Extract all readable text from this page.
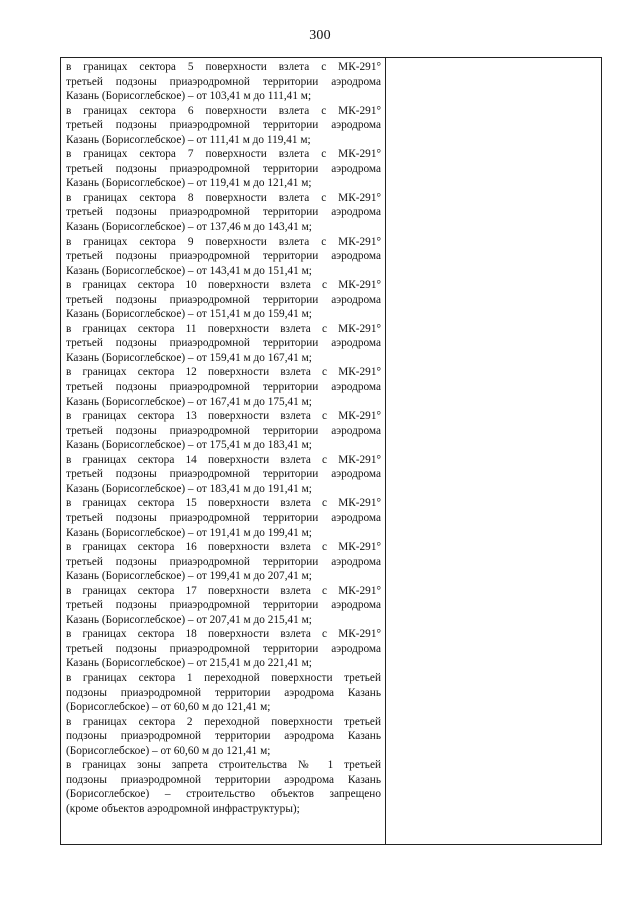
300

в границах сектора 5 поверхности взлета с МК-291°
третьей подзоны приаэродромной территории аэродрома
Казань (Борисоглебское) – от 103,41 м до 111,41 м;

в границах сектора 6 поверхности взлета с МК-291°
третьей подзоны приаэродромной территории аэродрома
Казань (Борисоглебское) – от 111,41 м до 119,41 м;

в границах сектора 7 поверхности взлета с МК-291°
третьей подзоны приаэродромной территории аэродрома
Казань (Борисоглебское) – от 119,41 м до 121,41 м;

в границах сектора 8 поверхности взлета с МК-291°
третьей подзоны приаэродромной территории аэродрома
Казань (Борисоглебское) – от 137,46 м до 143,41 м;

в границах сектора 9 поверхности взлета с МК-291°
третьей подзоны приаэродромной территории аэродрома
Казань (Борисоглебское) – от 143,41 м до 151,41 м;

в границах сектора 10 поверхности взлета с МК-291°
третьей подзоны приаэродромной территории аэродрома
Казань (Борисоглебское) – от 151,41 м до 159,41 м;

в границах сектора 11 поверхности взлета с МК-291°
третьей подзоны приаэродромной территории аэродрома
Казань (Борисоглебское) – от 159,41 м до 167,41 м;

в границах сектора 12 поверхности взлета с МК-291°
третьей подзоны приаэродромной территории аэродрома
Казань (Борисоглебское) – от 167,41 м до 175,41 м;

в границах сектора 13 поверхности взлета с МК-291°
третьей подзоны приаэродромной территории аэродрома
Казань (Борисоглебское) – от 175,41 м до 183,41 м;

в границах сектора 14 поверхности взлета с МК-291°
третьей подзоны приаэродромной территории аэродрома
Казань (Борисоглебское) – от 183,41 м до 191,41 м;

в границах сектора 15 поверхности взлета с МК-291°
третьей подзоны приаэродромной территории аэродрома
Казань (Борисоглебское) – от 191,41 м до 199,41 м;

в границах сектора 16 поверхности взлета с МК-291°
третьей подзоны приаэродромной территории аэродрома
Казань (Борисоглебское) – от 199,41 м до 207,41 м;

в границах сектора 17 поверхности взлета с МК-291°
третьей подзоны приаэродромной территории аэродрома
Казань (Борисоглебское) – от 207,41 м до 215,41 м;

в границах сектора 18 поверхности взлета с МК-291°
третьей подзоны приаэродромной территории аэродрома
Казань (Борисоглебское) – от 215,41 м до 221,41 м;

в границах сектора 1 переходной поверхности третьей
подзоны приаэродромной территории аэродрома Казань
(Борисоглебское) – от 60,60 м до 121,41 м;

в границах сектора 2 переходной поверхности третьей
подзоны приаэродромной территории аэродрома Казань
(Борисоглебское) – от 60,60 м до 121,41 м;

в границах зоны запрета строительства № 1 третьей
подзоны приаэродромной территории аэродрома Казань
(Борисоглебское) – строительство объектов запрещено
(кроме объектов аэродромной инфраструктуры);
